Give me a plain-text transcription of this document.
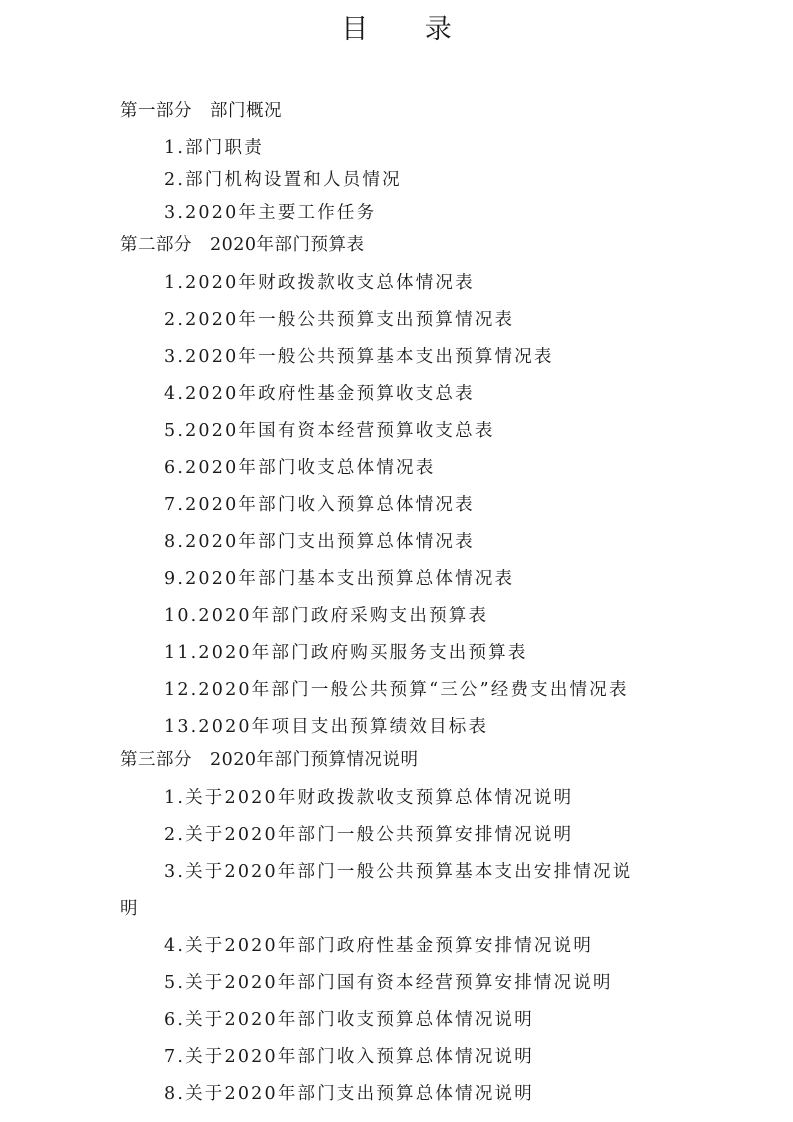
目 录
第一部分　部门概况
1.部门职责
2.部门机构设置和人员情况
3.2020年主要工作任务
第二部分　2020年部门预算表
1.2020年财政拨款收支总体情况表
2.2020年一般公共预算支出预算情况表
3.2020年一般公共预算基本支出预算情况表
4.2020年政府性基金预算收支总表
5.2020年国有资本经营预算收支总表
6.2020年部门收支总体情况表
7.2020年部门收入预算总体情况表
8.2020年部门支出预算总体情况表
9.2020年部门基本支出预算总体情况表
10.2020年部门政府采购支出预算表
11.2020年部门政府购买服务支出预算表
12.2020年部门一般公共预算“三公”经费支出情况表
13.2020年项目支出预算绩效目标表
第三部分　2020年部门预算情况说明
1.关于2020年财政拨款收支预算总体情况说明
2.关于2020年部门一般公共预算安排情况说明
3.关于2020年部门一般公共预算基本支出安排情况说
明
4.关于2020年部门政府性基金预算安排情况说明
5.关于2020年部门国有资本经营预算安排情况说明
6.关于2020年部门收支预算总体情况说明
7.关于2020年部门收入预算总体情况说明
8.关于2020年部门支出预算总体情况说明
